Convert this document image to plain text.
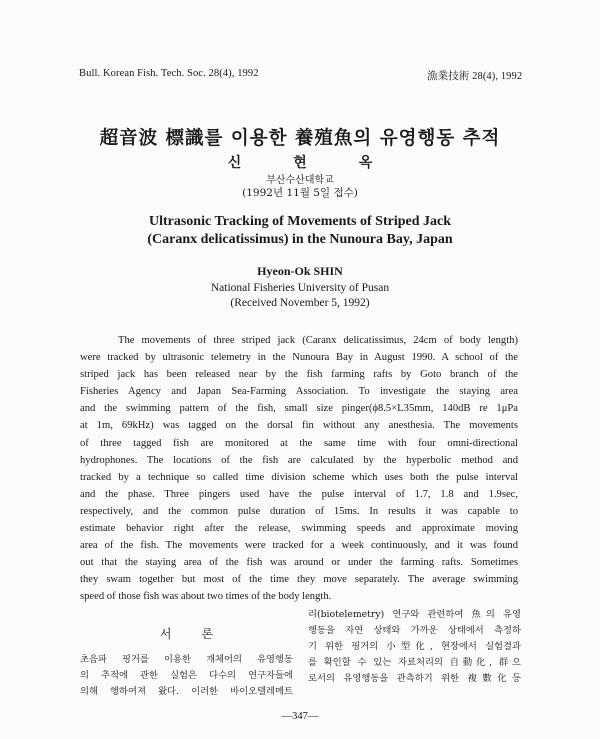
Bull. Korean Fish. Tech. Soc. 28(4), 1992	漁業技術 28(4), 1992
超音波 標識를 이용한 養殖魚의 유영행동 추적
신	현	옥
부산수산대학교
(1992년 11월 5일 접수)
Ultrasonic Tracking of Movements of Striped Jack
(Caranx delicatissimus) in the Nunoura Bay, Japan
Hyeon-Ok SHIN
National Fisheries University of Pusan
(Received November 5, 1992)
The movements of three striped jack (Caranx delicatissimus, 24cm of body length)
were tracked by ultrasonic telemetry in the Nunoura Bay in August 1990. A school of the
striped jack has been released near by the fish farming rafts by Goto branch of the
Fisheries Agency and Japan Sea-Farming Association. To investigate the staying area
and the swimming pattern of the fish, small size pinger(ϕ8.5×L35mm, 140dB re 1μPa
at 1m, 69kHz) was tagged on the dorsal fin without any anesthesia. The movements
of three tagged fish are monitored at the same time with four omni-directional
hydrophones. The locations of the fish are calculated by the hyperbolic method and
tracked by a technique so called time division scheme which uses both the pulse interval
and the phase. Three pingers used have the pulse interval of 1.7, 1.8 and 1.9sec,
respectively, and the common pulse duration of 15ms. In results it was capable to
estimate behavior right after the release, swimming speeds and approximate moving
area of the fish. The movements were tracked for a week continuously, and it was found
out that the staying area of the fish was around or under the farming rafts. Sometimes
they swam together but most of the time they move separately. The average swimming
speed of those fish was about two times of the body length.
서	론
초음파 핑거를 이용한 개체어의 유영행동
의 추적에 관한 실험은 다수의 연구자들에
의해 행하여져 왔다. 이러한 바이오텔레메트
리(biotelemetry) 연구와 관련하여 魚의 유영
행동을 자연 상태와 가까운 상태에서 측정하
기 위한 핑거의 小型化, 현장에서 실험결과
를 확인할 수 있는 자료처리의 自動化, 群으
로서의 유영행동을 관측하기 위한 複數化등
—347—
